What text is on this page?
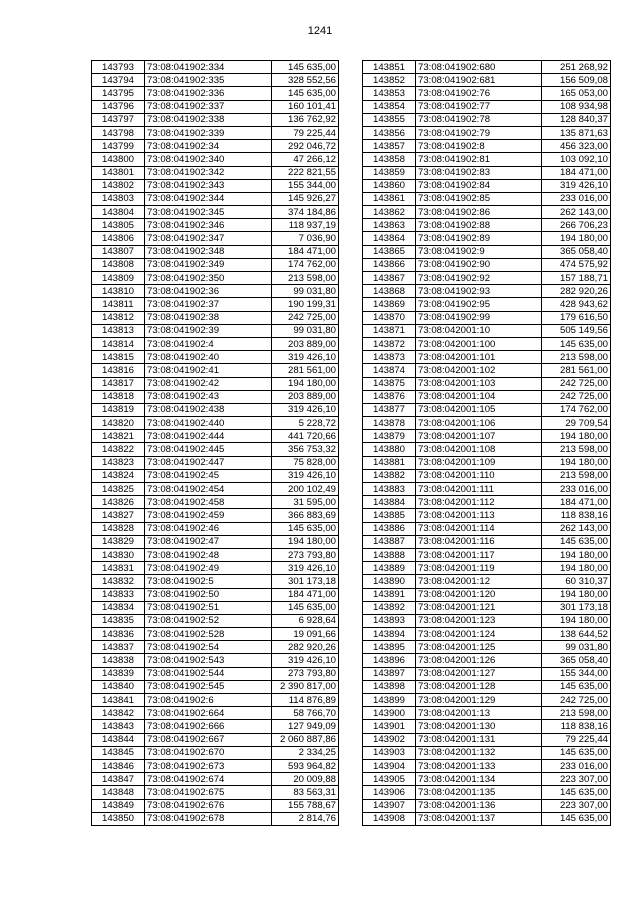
1241
143793	73:08:041902:334	145 635,00
143794	73:08:041902:335	328 552,56
143795	73:08:041902:336	145 635,00
143796	73:08:041902:337	160 101,41
143797	73:08:041902:338	136 762,92
143798	73:08:041902:339	79 225,44
143799	73:08:041902:34	292 046,72
143800	73:08:041902:340	47 266,12
143801	73:08:041902:342	222 821,55
143802	73:08:041902:343	155 344,00
143803	73:08:041902:344	145 926,27
143804	73:08:041902:345	374 184,86
143805	73:08:041902:346	118 937,19
143806	73:08:041902:347	7 036,90
143807	73:08:041902:348	184 471,00
143808	73:08:041902:349	174 762,00
143809	73:08:041902:350	213 598,00
143810	73:08:041902:36	99 031,80
143811	73:08:041902:37	190 199,31
143812	73:08:041902:38	242 725,00
143813	73:08:041902:39	99 031,80
143814	73:08:041902:4	203 889,00
143815	73:08:041902:40	319 426,10
143816	73:08:041902:41	281 561,00
143817	73:08:041902:42	194 180,00
143818	73:08:041902:43	203 889,00
143819	73:08:041902:438	319 426,10
143820	73:08:041902:440	5 228,72
143821	73:08:041902:444	441 720,66
143822	73:08:041902:445	356 753,32
143823	73:08:041902:447	75 828,00
143824	73:08:041902:45	319 426,10
143825	73:08:041902:454	200 102,49
143826	73:08:041902:458	31 595,00
143827	73:08:041902:459	366 883,69
143828	73:08:041902:46	145 635,00
143829	73:08:041902:47	194 180,00
143830	73:08:041902:48	273 793,80
143831	73:08:041902:49	319 426,10
143832	73:08:041902:5	301 173,18
143833	73:08:041902:50	184 471,00
143834	73:08:041902:51	145 635,00
143835	73:08:041902:52	6 928,64
143836	73:08:041902:528	19 091,66
143837	73:08:041902:54	282 920,26
143838	73:08:041902:543	319 426,10
143839	73:08:041902:544	273 793,80
143840	73:08:041902:545	2 390 817,00
143841	73:08:041902:6	114 876,89
143842	73:08:041902:664	58 766,70
143843	73:08:041902:666	127 949,09
143844	73:08:041902:667	2 060 887,86
143845	73:08:041902:670	2 334,25
143846	73:08:041902:673	593 964,82
143847	73:08:041902:674	20 009,88
143848	73:08:041902:675	83 563,31
143849	73:08:041902:676	155 788,67
143850	73:08:041902:678	2 814,76
143851	73:08:041902:680	251 268,92
143852	73:08:041902:681	156 509,08
143853	73:08:041902:76	165 053,00
143854	73:08:041902:77	108 934,98
143855	73:08:041902:78	128 840,37
143856	73:08:041902:79	135 871,63
143857	73:08:041902:8	456 323,00
143858	73:08:041902:81	103 092,10
143859	73:08:041902:83	184 471,00
143860	73:08:041902:84	319 426,10
143861	73:08:041902:85	233 016,00
143862	73:08:041902:86	262 143,00
143863	73:08:041902:88	266 706,23
143864	73:08:041902:89	194 180,00
143865	73:08:041902:9	365 058,40
143866	73:08:041902:90	474 575,92
143867	73:08:041902:92	157 188,71
143868	73:08:041902:93	282 920,26
143869	73:08:041902:95	428 943,62
143870	73:08:041902:99	179 616,50
143871	73:08:042001:10	505 149,56
143872	73:08:042001:100	145 635,00
143873	73:08:042001:101	213 598,00
143874	73:08:042001:102	281 561,00
143875	73:08:042001:103	242 725,00
143876	73:08:042001:104	242 725,00
143877	73:08:042001:105	174 762,00
143878	73:08:042001:106	29 709,54
143879	73:08:042001:107	194 180,00
143880	73:08:042001:108	213 598,00
143881	73:08:042001:109	194 180,00
143882	73:08:042001:110	213 598,00
143883	73:08:042001:111	233 016,00
143884	73:08:042001:112	184 471,00
143885	73:08:042001:113	118 838,16
143886	73:08:042001:114	262 143,00
143887	73:08:042001:116	145 635,00
143888	73:08:042001:117	194 180,00
143889	73:08:042001:119	194 180,00
143890	73:08:042001:12	60 310,37
143891	73:08:042001:120	194 180,00
143892	73:08:042001:121	301 173,18
143893	73:08:042001:123	194 180,00
143894	73:08:042001:124	138 644,52
143895	73:08:042001:125	99 031,80
143896	73:08:042001:126	365 058,40
143897	73:08:042001:127	155 344,00
143898	73:08:042001:128	145 635,00
143899	73:08:042001:129	242 725,00
143900	73:08:042001:13	213 598,00
143901	73:08:042001:130	118 838,16
143902	73:08:042001:131	79 225,44
143903	73:08:042001:132	145 635,00
143904	73:08:042001:133	233 016,00
143905	73:08:042001:134	223 307,00
143906	73:08:042001:135	145 635,00
143907	73:08:042001:136	223 307,00
143908	73:08:042001:137	145 635,00
